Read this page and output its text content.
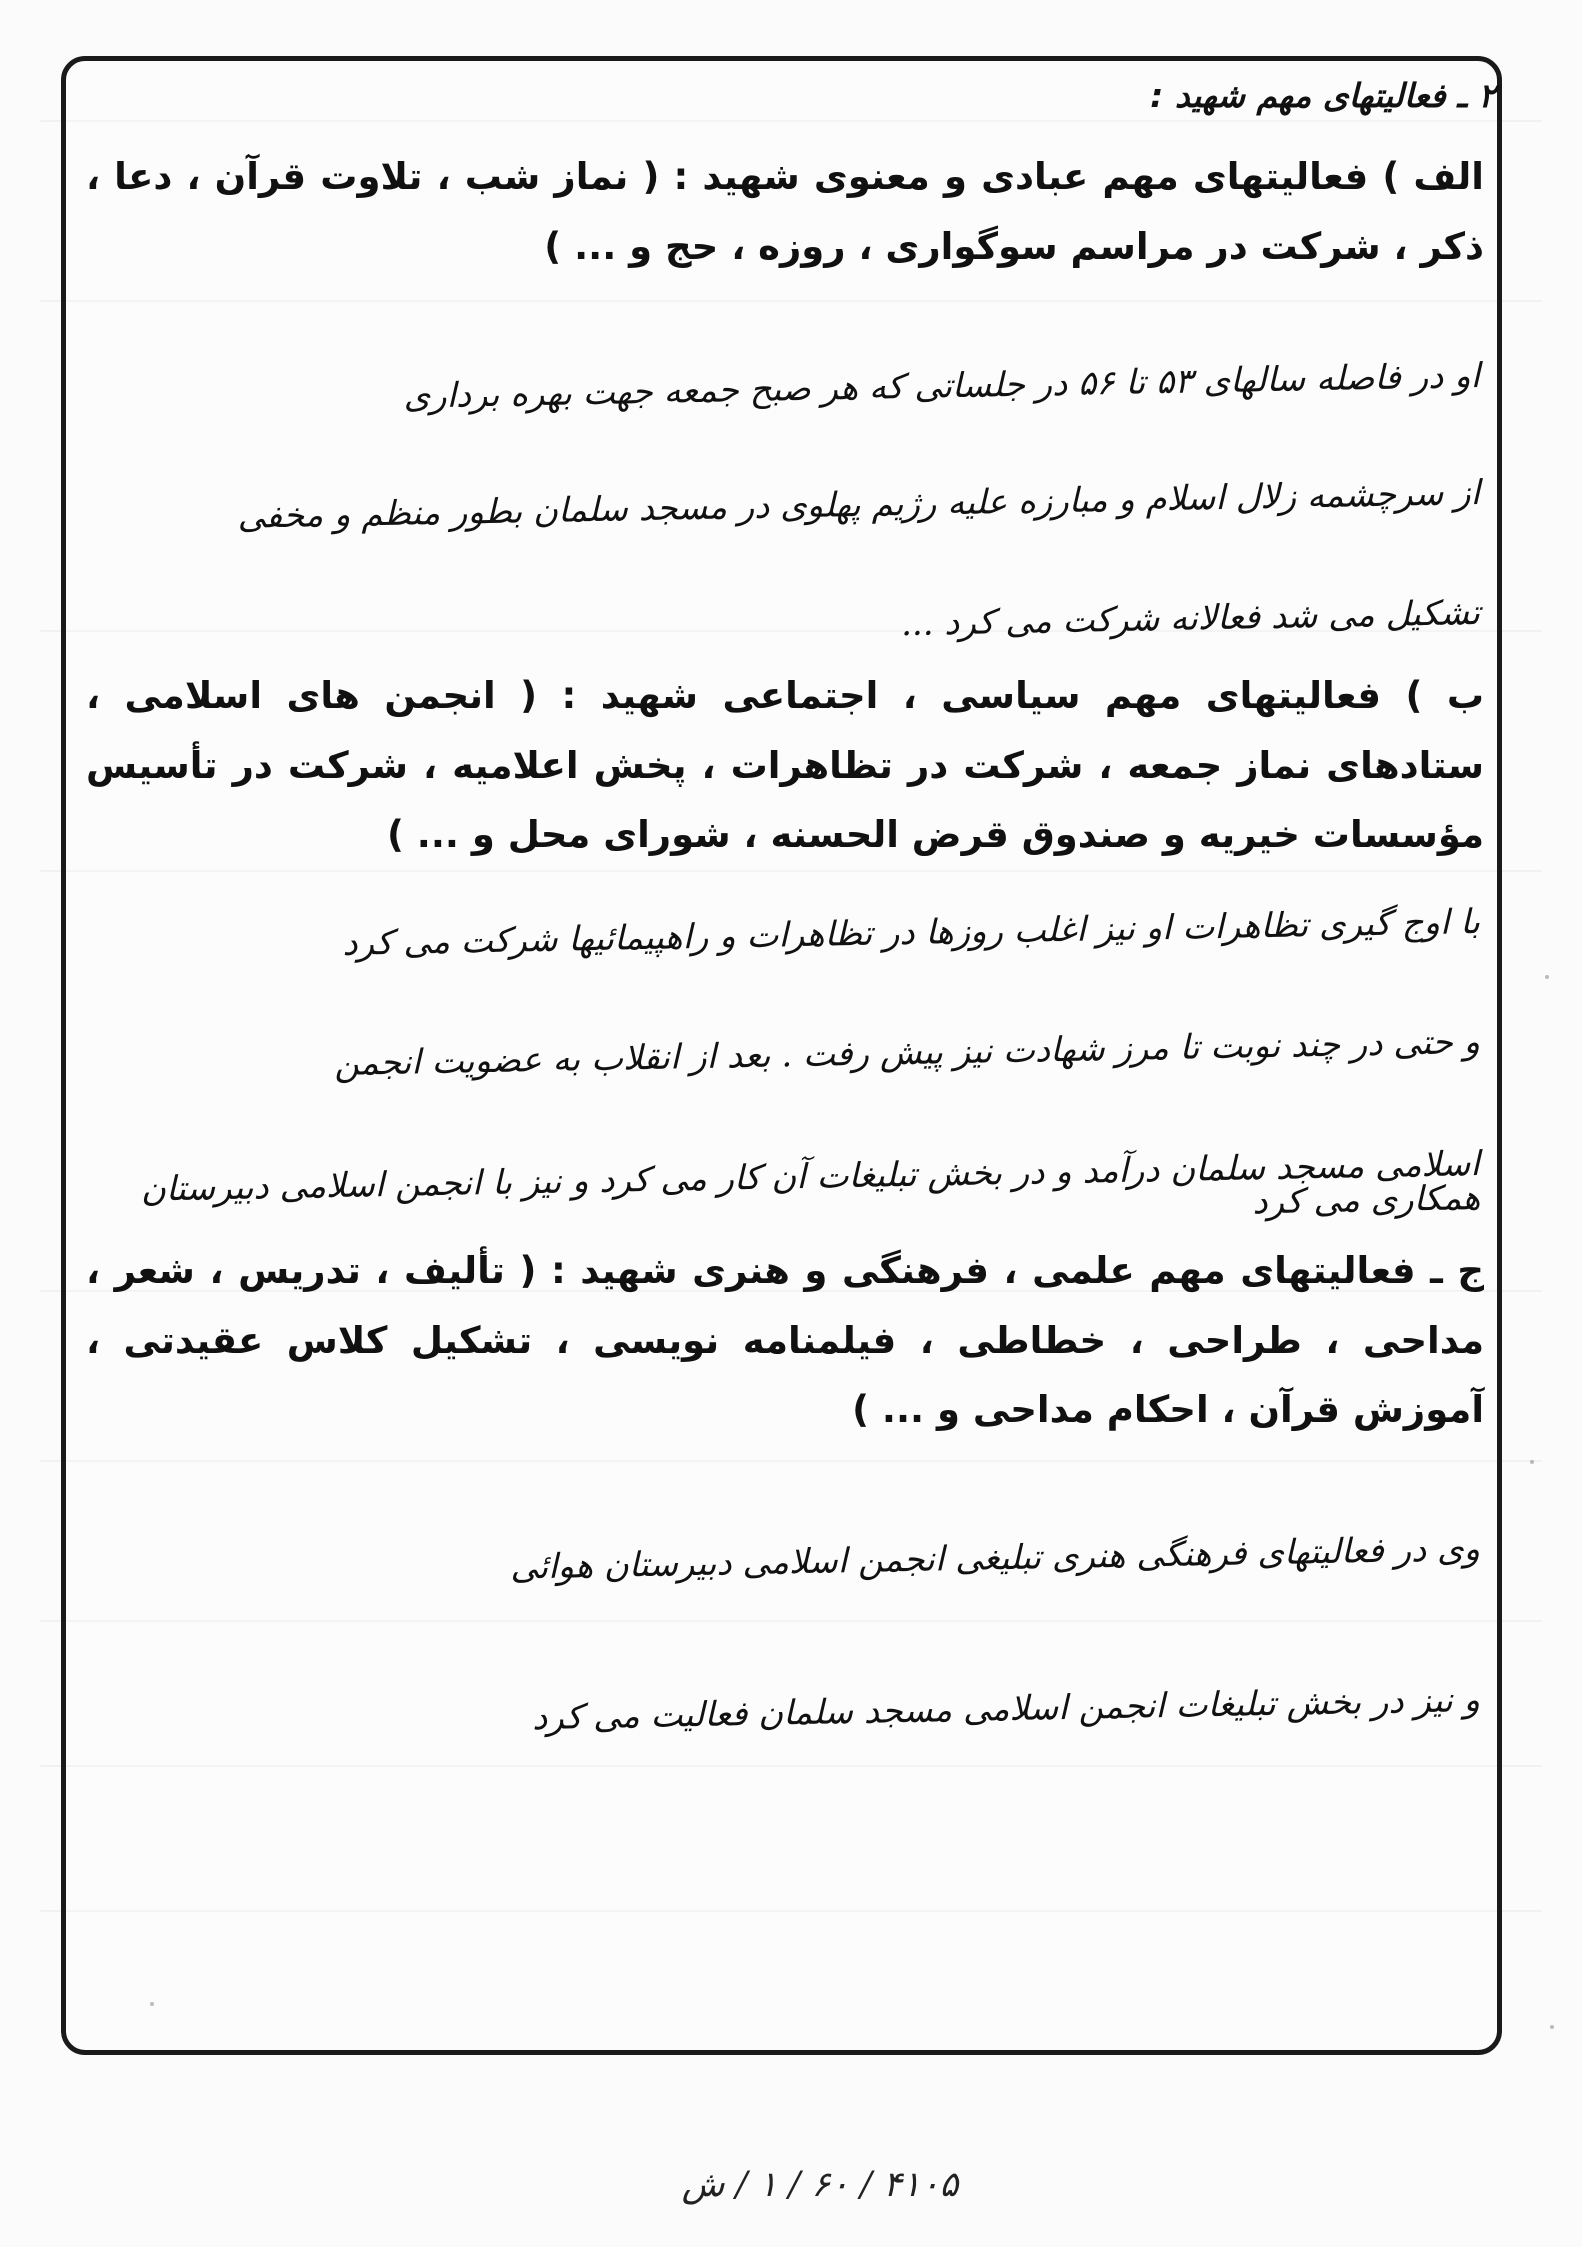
۲ ـ فعالیتهای مهم شهید :
الف ) فعالیتهای مهم عبادی و معنوی شهید : ( نماز شب ، تلاوت قرآن ، دعا ، ذکر ، شرکت در مراسم سوگواری ، روزه ، حج و ... )
او در فاصله سالهای ۵۳ تا ۵۶ در جلساتی که هر صبح جمعه جهت بهره برداری
از سرچشمه زلال اسلام و مبارزه علیه رژیم پهلوی در مسجد سلمان بطور منظم و مخفی
تشکیل می شد فعالانه شرکت می کرد ...
ب ) فعالیتهای مهم سیاسی ، اجتماعی شهید : ( انجمن های اسلامی ، ستادهای نماز جمعه ، شرکت در تظاهرات ، پخش اعلامیه ، شرکت در تأسیس مؤسسات خیریه و صندوق قرض الحسنه ، شورای محل و ... )
با اوج گیری تظاهرات او نیز اغلب روزها در تظاهرات و راهپیمائیها شرکت می کرد
و حتی در چند نوبت تا مرز شهادت نیز پیش رفت . بعد از انقلاب به عضویت انجمن
اسلامی مسجد سلمان درآمد و در بخش تبلیغات آن کار می کرد و نیز با انجمن اسلامی دبیرستان همکاری می کرد
ج ـ فعالیتهای مهم علمی ، فرهنگی و هنری شهید : ( تألیف ، تدریس ، شعر ، مداحی ، طراحی ، خطاطی ، فیلمنامه نویسی ، تشکیل کلاس عقیدتی ، آموزش قرآن ، احکام مداحی و ... )
وی در فعالیتهای فرهنگی هنری تبلیغی انجمن اسلامی دبیرستان هوائی
و نیز در بخش تبلیغات انجمن اسلامی مسجد سلمان فعالیت می کرد
۴۱۰۵ / ۶۰ / ۱ / ش
